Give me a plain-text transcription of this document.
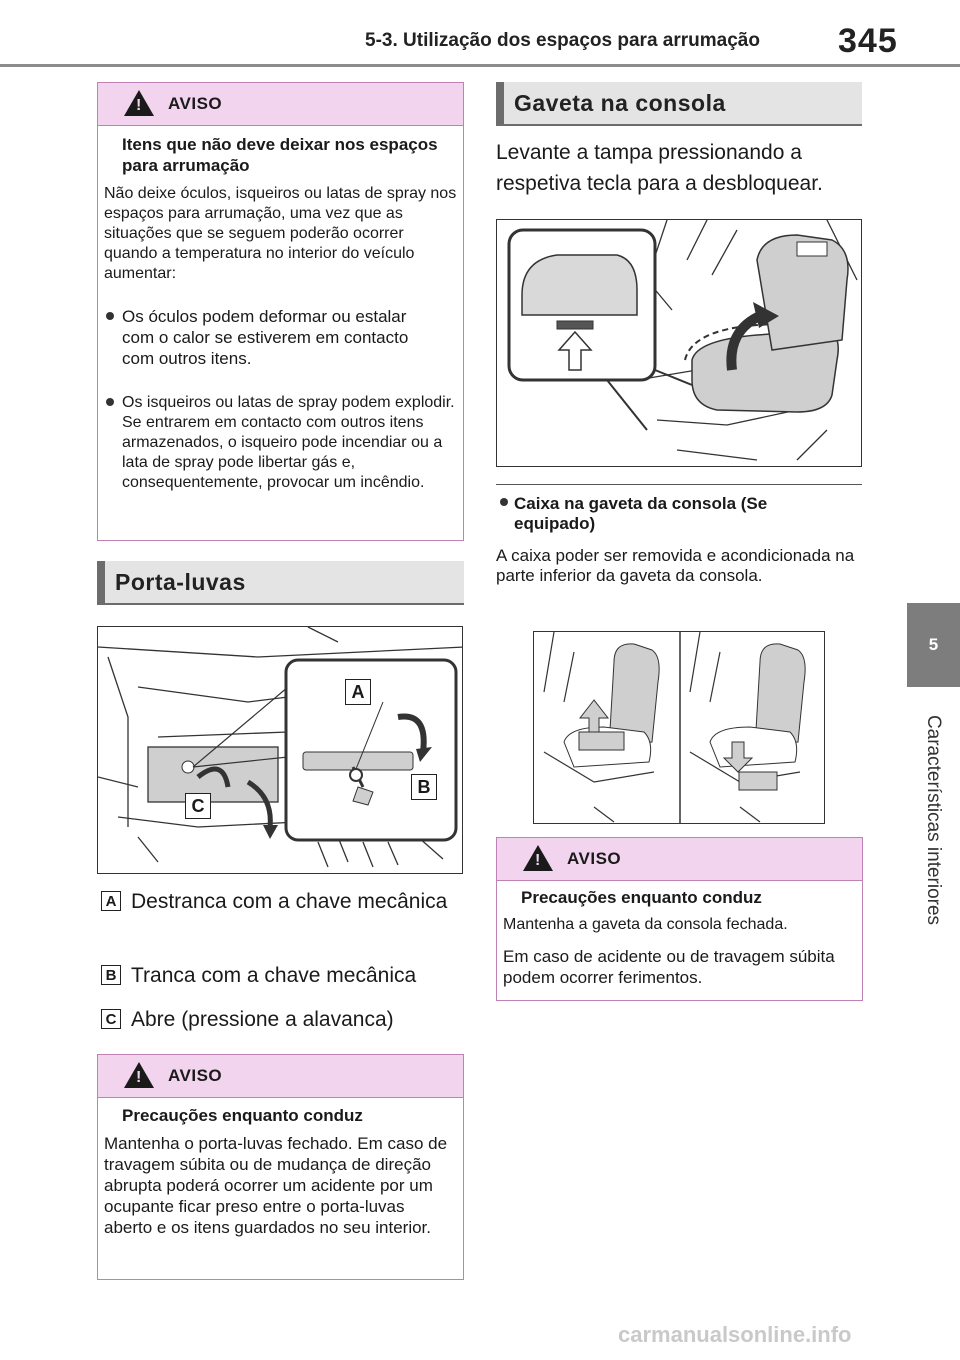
5-3. Utilização dos espaços para arrumação 345
5
Características interiores
!
AVISO
Itens que não deve deixar nos espaços para arrumação
Não deixe óculos, isqueiros ou latas de spray nos espaços para arrumação, uma vez que as situações que se seguem poderão ocorrer quando a temperatura no interior do veículo aumentar:
Os óculos podem deformar ou estalar com o calor se estiverem em contacto com outros itens.
Os isqueiros ou latas de spray podem explodir. Se entrarem em contacto com outros itens armazenados, o isqueiro pode incendiar ou a lata de spray pode libertar gás e, consequentemente, provocar um incêndio.
Porta-luvas
A
B
C
A Destranca com a chave mecânica
B Tranca com a chave mecânica
C Abre (pressione a alavanca)
!
AVISO
Precauções enquanto conduz
Mantenha o porta-luvas fechado. Em caso de travagem súbita ou de mudança de direção abrupta poderá ocorrer um acidente por um ocupante ficar preso entre o porta-luvas aberto e os itens guardados no seu interior.
Gaveta na consola
Levante a tampa pressionando a respetiva tecla para a desbloquear.
Caixa na gaveta da consola (Se equipado)
A caixa poder ser removida e acondicionada na parte inferior da gaveta da consola.
!
AVISO
Precauções enquanto conduz
Mantenha a gaveta da consola fechada.
Em caso de acidente ou de travagem súbita podem ocorrer ferimentos.
carmanualsonline.info
